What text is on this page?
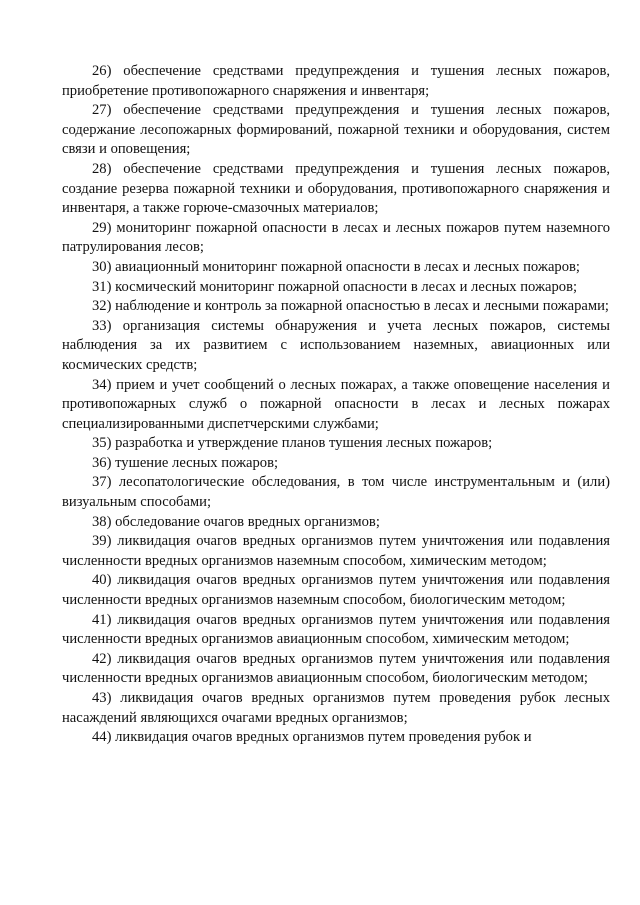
26) обеспечение средствами предупреждения и тушения лесных пожаров, приобретение противопожарного снаряжения и инвентаря;

27) обеспечение средствами предупреждения и тушения лесных пожаров, содержание лесопожарных формирований, пожарной техники и оборудования, систем связи и оповещения;

28) обеспечение средствами предупреждения и тушения лесных пожаров, создание резерва пожарной техники и оборудования, противопожарного снаряжения и инвентаря, а также горюче-смазочных материалов;

29) мониторинг пожарной опасности в лесах и лесных пожаров путем наземного патрулирования лесов;

30) авиационный мониторинг пожарной опасности в лесах и лесных пожаров;

31) космический мониторинг пожарной опасности в лесах и лесных пожаров;

32) наблюдение и контроль за пожарной опасностью в лесах и лесными пожарами;

33) организация системы обнаружения и учета лесных пожаров, системы наблюдения за их развитием с использованием наземных, авиационных или космических средств;

34) прием и учет сообщений о лесных пожарах, а также оповещение населения и противопожарных служб о пожарной опасности в лесах и лесных пожарах специализированными диспетчерскими службами;

35) разработка и утверждение планов тушения лесных пожаров;

36) тушение лесных пожаров;

37) лесопатологические обследования, в том числе инструментальным и (или) визуальным способами;

38) обследование очагов вредных организмов;

39) ликвидация очагов вредных организмов путем уничтожения или подавления численности вредных организмов наземным способом, химическим методом;

40) ликвидация очагов вредных организмов путем уничтожения или подавления численности вредных организмов наземным способом, биологическим методом;

41) ликвидация очагов вредных организмов путем уничтожения или подавления численности вредных организмов авиационным способом, химическим методом;

42) ликвидация очагов вредных организмов путем уничтожения или подавления численности вредных организмов авиационным способом, биологическим методом;

43) ликвидация очагов вредных организмов путем проведения рубок лесных насаждений являющихся очагами вредных организмов;

44) ликвидация очагов вредных организмов путем проведения рубок и
